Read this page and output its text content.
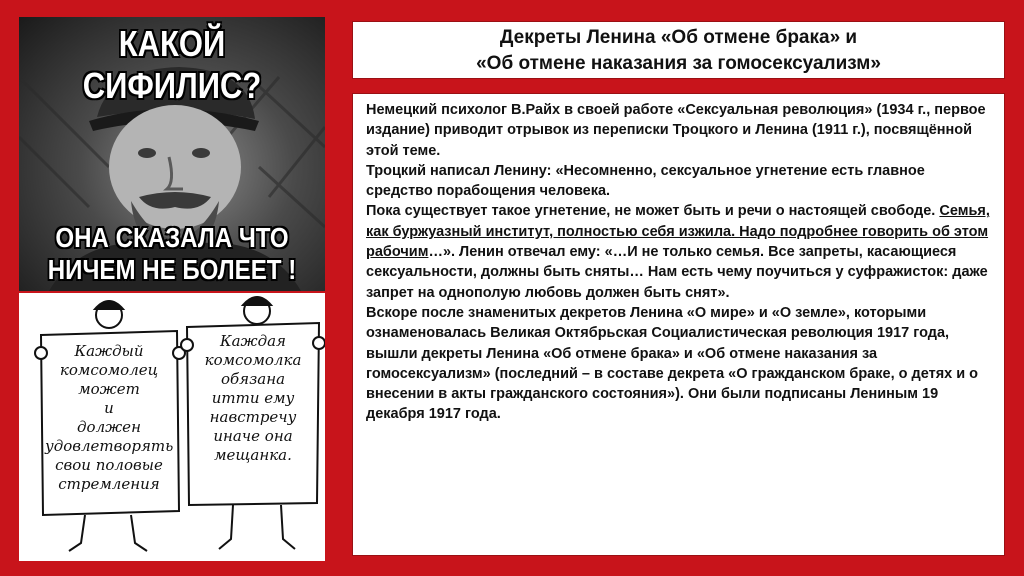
КАКОЙ СИФИЛИС?
ОНА СКАЗАЛА ЧТО
НИЧЕМ НЕ БОЛЕЕТ !
Каждый
комсомолец
может
и
должен
удовлетворять
свои половые
стремления
Каждая
комсомолка
обязана
итти ему
навстречу
иначе она
мещанка.
Декреты Ленина «Об отмене брака» и
«Об отмене наказания за гомосексуализм»

Немецкий психолог В.Райх в своей работе «Сексуальная революция» (1934 г., первое издание) приводит отрывок из переписки Троцкого и Ленина (1911 г.), посвящённой этой теме.

Троцкий написал Ленину: «Несомненно, сексуальное угнетение есть главное средство порабощения человека.

Пока существует такое угнетение, не может быть и речи о настоящей свободе. Семья, как буржуазный институт, полностью себя изжила. Надо подробнее говорить об этом рабочим…». Ленин отвечал ему: «…И не только семья. Все запреты, касающиеся сексуальности, должны быть сняты… Нам есть чему поучиться у суфражисток: даже запрет на однополую любовь должен быть снят».

Вскоре после знаменитых декретов Ленина «О мире» и «О земле», которыми ознаменовалась Великая Октябрьская Социалистическая революция 1917 года, вышли декреты Ленина «Об отмене брака» и «Об отмене наказания за гомосексуализм» (последний – в составе декрета «О гражданском браке, о детях и о внесении в акты гражданского состояния»). Они были подписаны Лениным 19 декабря 1917 года.
